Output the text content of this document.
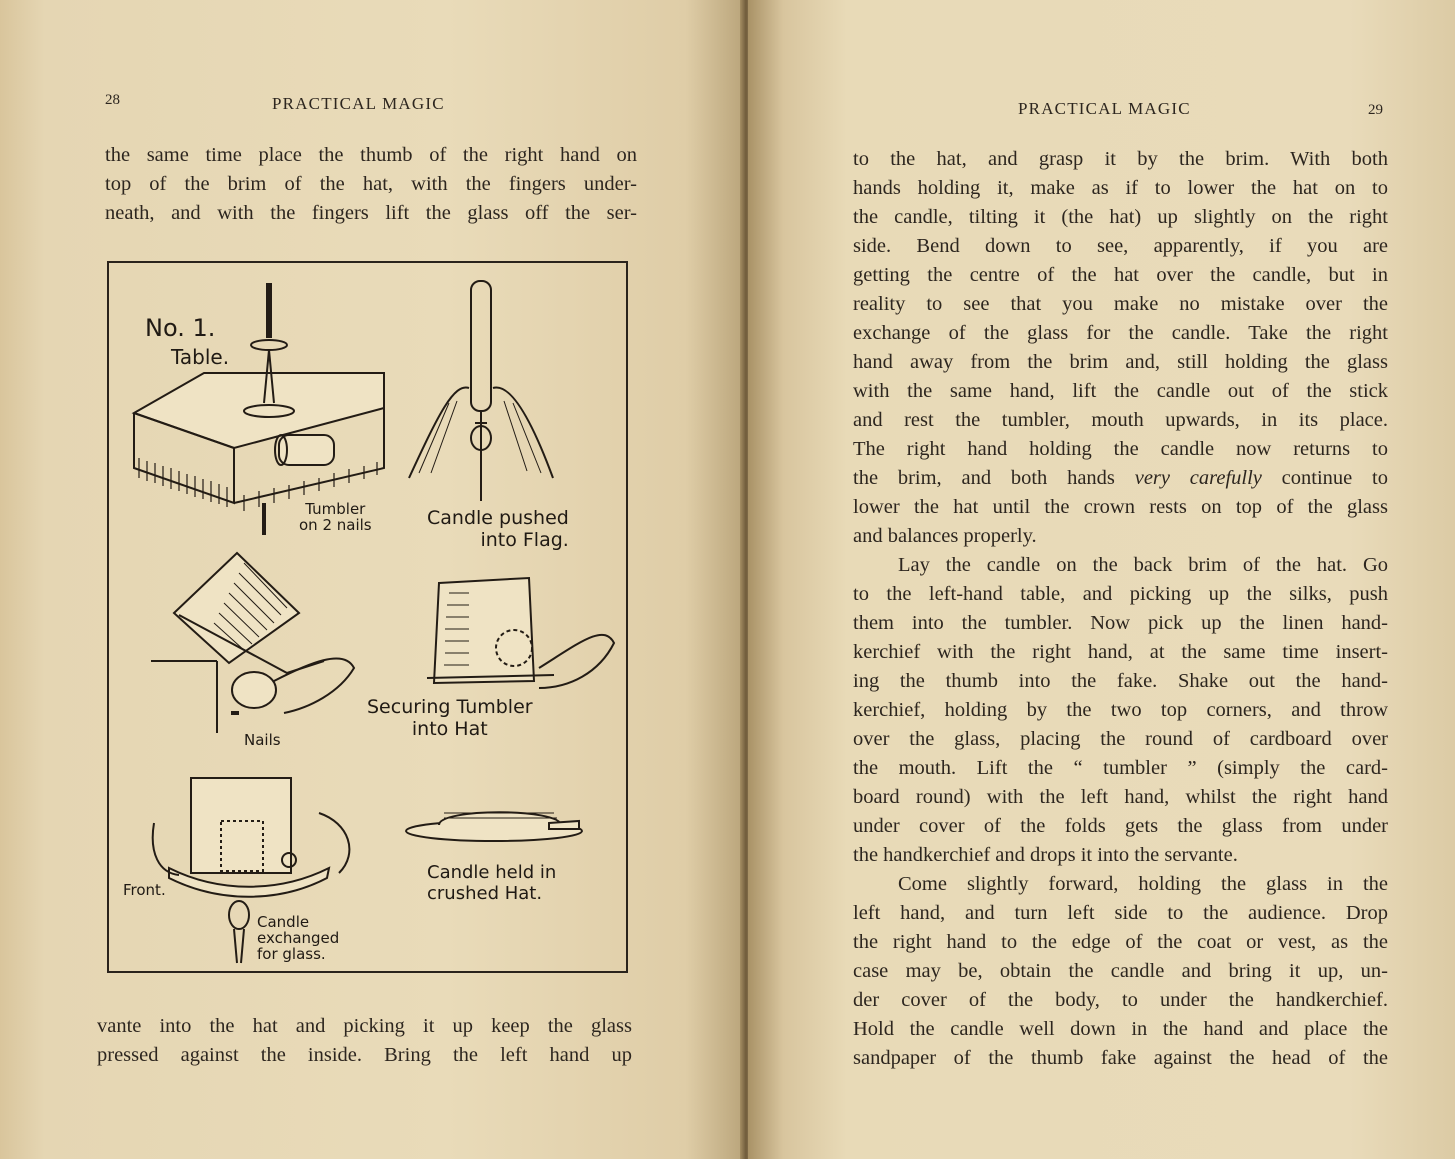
28	PRACTICAL MAGIC
the same time place the thumb of the right hand on
top of the brim of the hat, with the fingers under-
neath, and with the fingers lift the glass off the ser-
No. 1.
Table.
Tumbler
on 2 nails	Candle pushed
into Flag.
Nails
Securing Tumbler
into Hat
Front.
Candle
exchanged
for glass.
Candle held in
crushed Hat.
vante into the hat and picking it up keep the glass
pressed against the inside. Bring the left hand up
PRACTICAL MAGIC	29
to the hat, and grasp it by the brim. With both
hands holding it, make as if to lower the hat on to
the candle, tilting it (the hat) up slightly on the right
side. Bend down to see, apparently, if you are
getting the centre of the hat over the candle, but in
reality to see that you make no mistake over the
exchange of the glass for the candle. Take the right
hand away from the brim and, still holding the glass
with the same hand, lift the candle out of the stick
and rest the tumbler, mouth upwards, in its place.
The right hand holding the candle now returns to
the brim, and both hands very carefully continue to
lower the hat until the crown rests on top of the glass
and balances properly.
Lay the candle on the back brim of the hat. Go
to the left-hand table, and picking up the silks, push
them into the tumbler. Now pick up the linen hand-
kerchief with the right hand, at the same time insert-
ing the thumb into the fake. Shake out the hand-
kerchief, holding by the two top corners, and throw
over the glass, placing the round of cardboard over
the mouth. Lift the “ tumbler ” (simply the card-
board round) with the left hand, whilst the right hand
under cover of the folds gets the glass from under
the handkerchief and drops it into the servante.
Come slightly forward, holding the glass in the
left hand, and turn left side to the audience. Drop
the right hand to the edge of the coat or vest, as the
case may be, obtain the candle and bring it up, un-
der cover of the body, to under the handkerchief.
Hold the candle well down in the hand and place the
sandpaper of the thumb fake against the head of the
